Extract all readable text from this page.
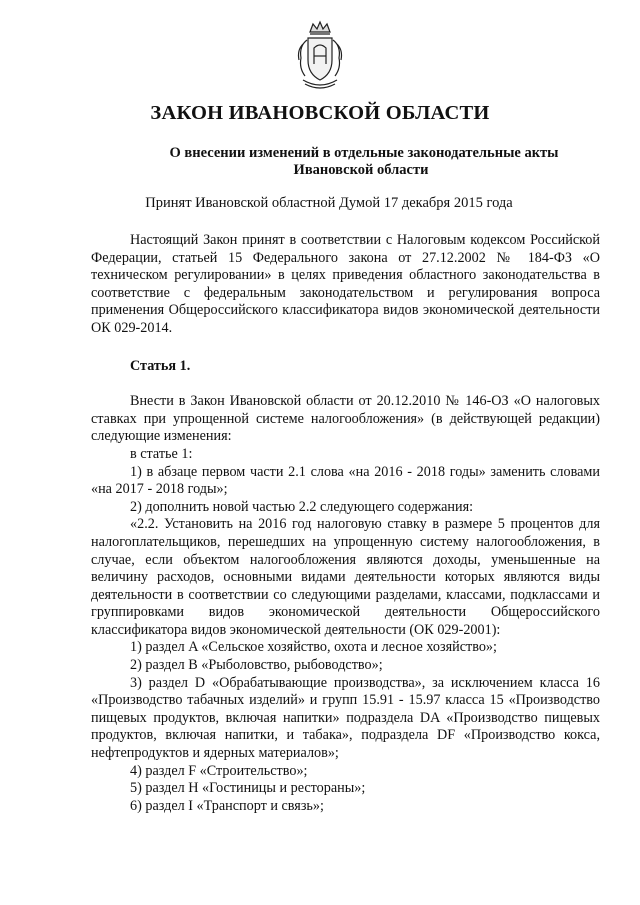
ЗАКОН ИВАНОВСКОЙ ОБЛАСТИ
О внесении изменений в отдельные законодательные акты
Ивановской области
Принят Ивановской областной Думой 17 декабря 2015 года

Настоящий Закон принят в соответствии с Налоговым кодексом Российской Федерации, статьей 15 Федерального закона от 27.12.2002 № 184-ФЗ «О техническом регулировании» в целях приведения областного законодательства в соответствие с федеральным законодательством и регулирования вопроса применения Общероссийского классификатора видов экономической деятельности ОК 029-2014.

Статья 1.

Внести в Закон Ивановской области от 20.12.2010 № 146-ОЗ «О налоговых ставках при упрощенной системе налогообложения» (в действующей редакции) следующие изменения:

в статье 1:

1) в абзаце первом части 2.1 слова «на 2016 - 2018 годы» заменить словами «на 2017 - 2018 годы»;

2) дополнить новой частью 2.2 следующего содержания:

«2.2. Установить на 2016 год налоговую ставку в размере 5 процентов для налогоплательщиков, перешедших на упрощенную систему налогообложения, в случае, если объектом налогообложения являются доходы, уменьшенные на величину расходов, основными видами деятельности которых являются виды деятельности в соответствии со следующими разделами, классами, подклассами и группировками видов экономической деятельности Общероссийского классификатора видов экономической деятельности (ОК 029-2001):

1) раздел A «Сельское хозяйство, охота и лесное хозяйство»;

2) раздел B «Рыболовство, рыбоводство»;

3) раздел D «Обрабатывающие производства», за исключением класса 16 «Производство табачных изделий» и групп 15.91 - 15.97 класса 15 «Производство пищевых продуктов, включая напитки» подраздела DA «Производство пищевых продуктов, включая напитки, и табака», подраздела DF «Производство кокса, нефтепродуктов и ядерных материалов»;

4) раздел F «Строительство»;

5) раздел H «Гостиницы и рестораны»;

6) раздел I «Транспорт и связь»;
